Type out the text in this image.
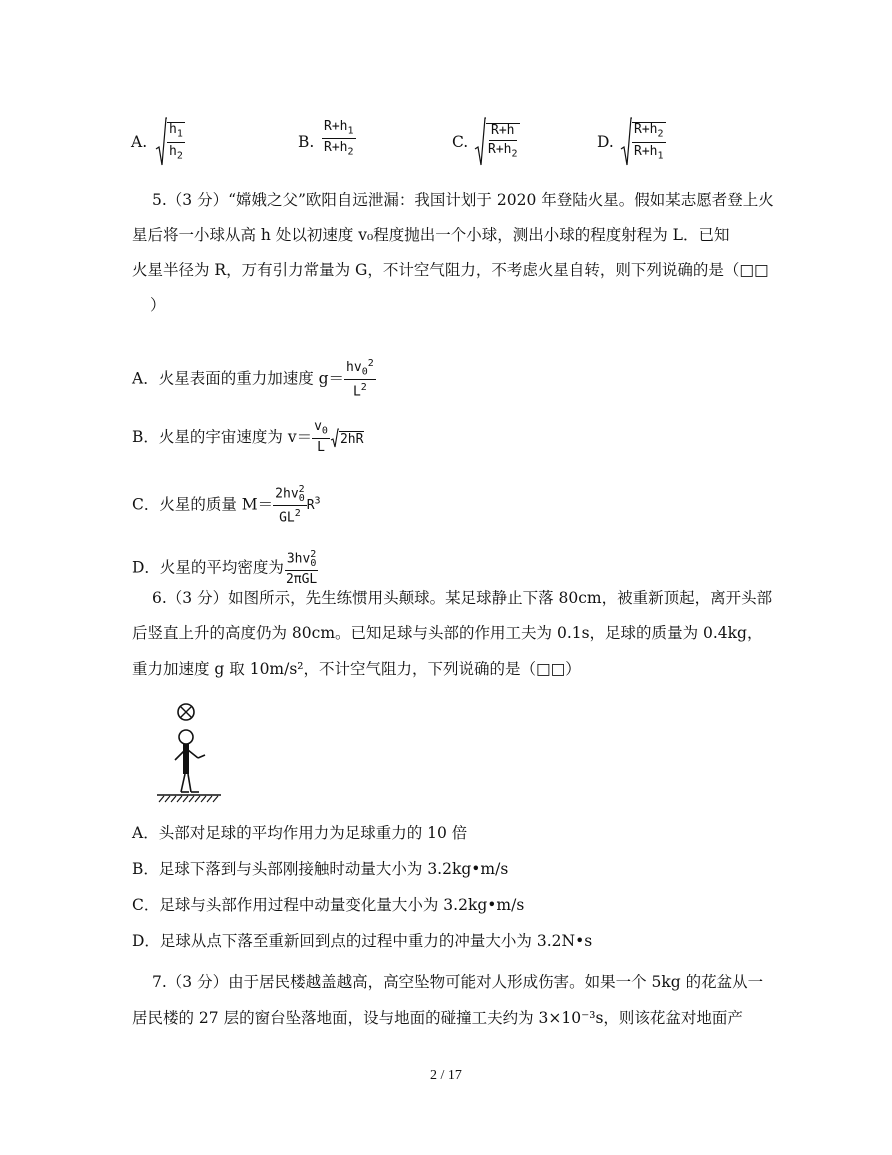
A. $\frac{h_1}{h_2}$	B. $\frac{R+h_1}{R+h_2}$	C. $\frac{R+h}{R+h_2}$	D. $\frac{R+h_2}{R+h_1}$
5.（3 分）“嫦娥之父”欧阳自远泄漏：我国计划于 2020 年登陆火星。假如某志愿者登上火
星后将一小球从高 h 处以初速度 v₀程度抛出一个小球，测出小球的程度射程为 L．已知
火星半径为 R，万有引力常量为 G，不计空气阻力，不考虑火星自转，则下列说确的是（□□
）
A．火星表面的重力加速度 $g= \frac{hv_0^2}{L^2}$
B．火星的宇宙速度为 $v= \frac{v_0}{L} 2hR$
C．火星的质量 $M= \frac{2hv^2_0}{GL^2} R^3$
D．火星的平均密度为 $\frac{3hv^2_0}{\text{2πGL}}$
6.（3 分）如图所示，先生练惯用头颠球。某足球静止下落 80cm，被重新顶起，离开头部
后竖直上升的高度仍为 80cm。已知足球与头部的作用工夫为 0.1s，足球的质量为 0.4kg，
重力加速度 g 取 10m/s²，不计空气阻力，下列说确的是（□□）
A．头部对足球的平均作用力为足球重力的 10 倍
B．足球下落到与头部刚接触时动量大小为 3.2kg•m/s
C．足球与头部作用过程中动量变化量大小为 3.2kg•m/s
D．足球从点下落至重新回到点的过程中重力的冲量大小为 3.2N•s
7.（3 分）由于居民楼越盖越高，高空坠物可能对人形成伤害。如果一个 5kg 的花盆从一
居民楼的 27 层的窗台坠落地面，设与地面的碰撞工夫约为 3×10⁻³s，则该花盆对地面产
2 / 17
